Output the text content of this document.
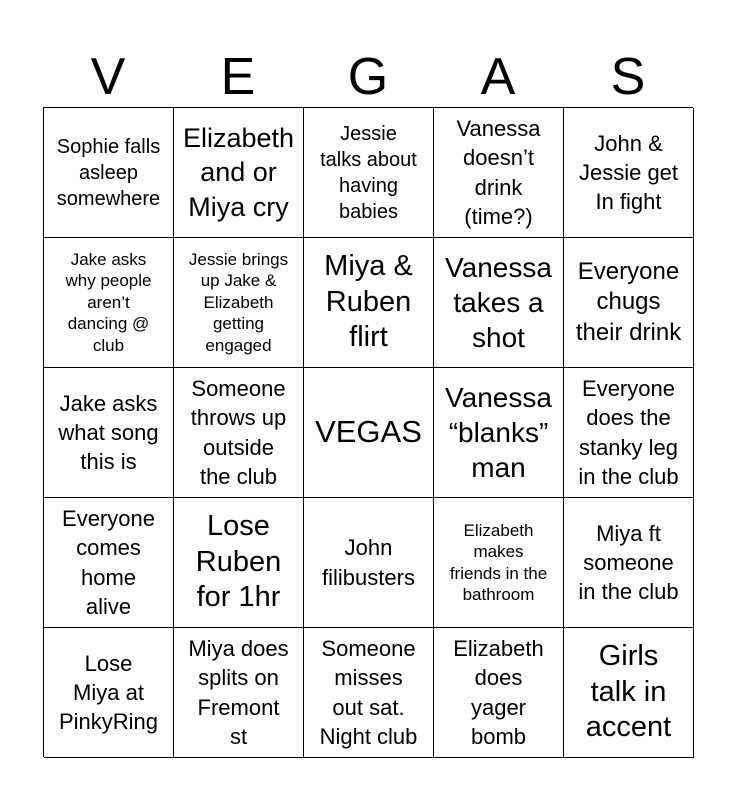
V	E	G	A	S
Sophie falls
asleep
somewhere
Elizabeth
and or
Miya cry
Jessie
talks about
having
babies
Vanessa
doesn’t
drink
(time?)
John &
Jessie get
In fight
Jake asks
why people
aren’t
dancing @
club
Jessie brings
up Jake &
Elizabeth
getting
engaged
Miya &
Ruben
flirt
Vanessa
takes a
shot
Everyone
chugs
their drink
Jake asks
what song
this is
Someone
throws up
outside
the club
VEGAS
Vanessa
“blanks”
man
Everyone
does the
stanky leg
in the club
Everyone
comes
home
alive
Lose
Ruben
for 1hr
John
filibusters
Elizabeth
makes
friends in the
bathroom
Miya ft
someone
in the club
Lose
Miya at
PinkyRing
Miya does
splits on
Fremont
st
Someone
misses
out sat.
Night club
Elizabeth
does
yager
bomb
Girls
talk in
accent
